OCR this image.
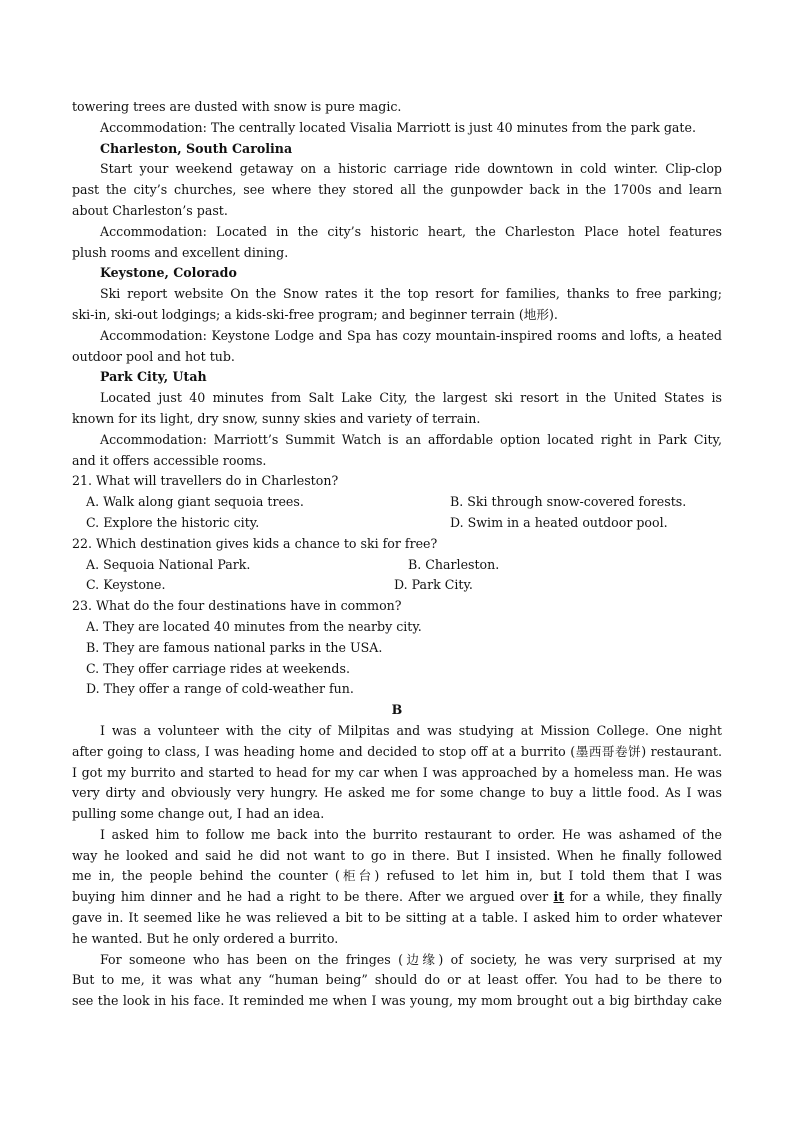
towering trees are dusted with snow is pure magic.
Accommodation: The centrally located Visalia Marriott is just 40 minutes from the park gate.
Charleston, South Carolina
Start your weekend getaway on a historic carriage ride downtown in cold winter. Clip-clop
past the city’s churches, see where they stored all the gunpowder back in the 1700s and learn
about Charleston’s past.
Accommodation: Located in the city’s historic heart, the Charleston Place hotel features
plush rooms and excellent dining.
Keystone, Colorado
Ski report website On the Snow rates it the top resort for families, thanks to free parking;
ski-in, ski-out lodgings; a kids-ski-free program; and beginner terrain (地形).
Accommodation: Keystone Lodge and Spa has cozy mountain-inspired rooms and lofts, a heated
outdoor pool and hot tub.
Park City, Utah
Located just 40 minutes from Salt Lake City, the largest ski resort in the United States is
known for its light, dry snow, sunny skies and variety of terrain.
Accommodation: Marriott’s Summit Watch is an affordable option located right in Park City,
and it offers accessible rooms.
21. What will travellers do in Charleston?
A. Walk along giant sequoia trees.	B. Ski through snow-covered forests.
C. Explore the historic city.	D. Swim in a heated outdoor pool.
22. Which destination gives kids a chance to ski for free?
A. Sequoia National Park.	B. Charleston.
C. Keystone.	D. Park City.
23. What do the four destinations have in common?
A. They are located 40 minutes from the nearby city.
B. They are famous national parks in the USA.
C. They offer carriage rides at weekends.
D. They offer a range of cold-weather fun.
B
I was a volunteer with the city of Milpitas and was studying at Mission College. One night
after going to class, I was heading home and decided to stop off at a burrito (墨西哥卷饼) restaurant.
I got my burrito and started to head for my car when I was approached by a homeless man. He was
very dirty and obviously very hungry. He asked me for some change to buy a little food. As I was
pulling some change out, I had an idea.
I asked him to follow me back into the burrito restaurant to order. He was ashamed of the
way he looked and said he did not want to go in there. But I insisted. When he finally followed
me in, the people behind the counter (柜台) refused to let him in, but I told them that I was
buying him dinner and he had a right to be there. After we argued over it for a while, they finally
gave in. It seemed like he was relieved a bit to be sitting at a table. I asked him to order whatever
he wanted. But he only ordered a burrito.
For someone who has been on the fringes (边缘) of society, he was very surprised at my
But to me, it was what any “human being” should do or at least offer. You had to be there to
see the look in his face. It reminded me when I was young, my mom brought out a big birthday cake
